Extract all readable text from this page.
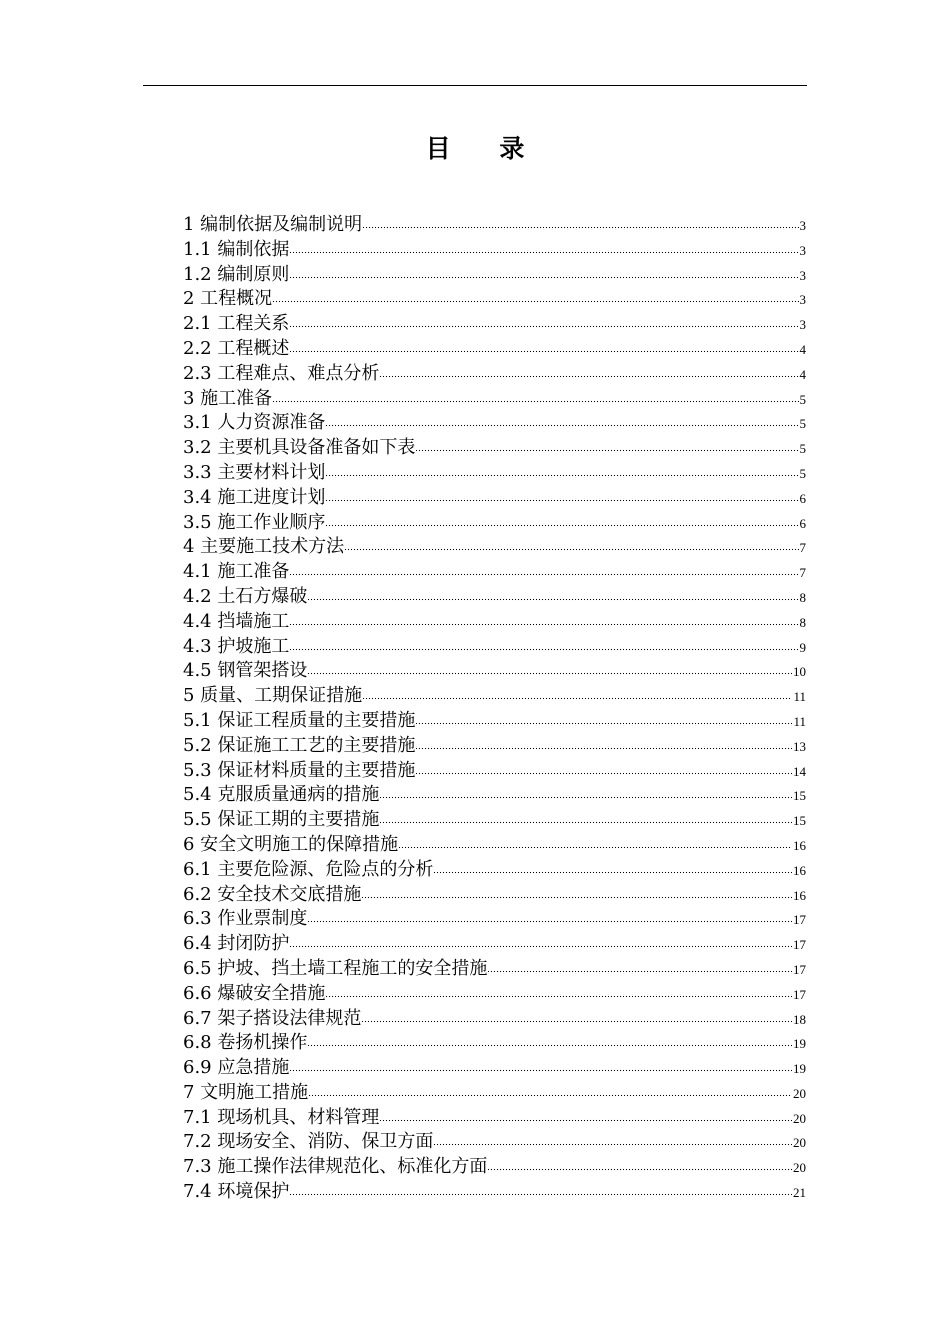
目 录
1 编制依据及编制说明	3
1.1 编制依据	3
1.2 编制原则	3
2 工程概况	3
2.1 工程关系	3
2.2 工程概述	4
2.3 工程难点、难点分析	4
3 施工准备	5
3.1 人力资源准备	5
3.2 主要机具设备准备如下表	5
3.3 主要材料计划	5
3.4 施工进度计划	6
3.5 施工作业顺序	6
4 主要施工技术方法	7
4.1 施工准备	7
4.2 土石方爆破	8
4.4 挡墙施工	8
4.3 护坡施工	9
4.5 钢管架搭设	10
5 质量、工期保证措施	11
5.1 保证工程质量的主要措施	11
5.2 保证施工工艺的主要措施	13
5.3 保证材料质量的主要措施	14
5.4 克服质量通病的措施	15
5.5 保证工期的主要措施	15
6 安全文明施工的保障措施	16
6.1 主要危险源、危险点的分析	16
6.2 安全技术交底措施	16
6.3 作业票制度	17
6.4 封闭防护	17
6.5 护坡、挡土墙工程施工的安全措施	17
6.6 爆破安全措施	17
6.7 架子搭设法律规范	18
6.8 卷扬机操作	19
6.9 应急措施	19
7 文明施工措施	20
7.1 现场机具、材料管理	20
7.2 现场安全、消防、保卫方面	20
7.3 施工操作法律规范化、标准化方面	20
7.4 环境保护	21
